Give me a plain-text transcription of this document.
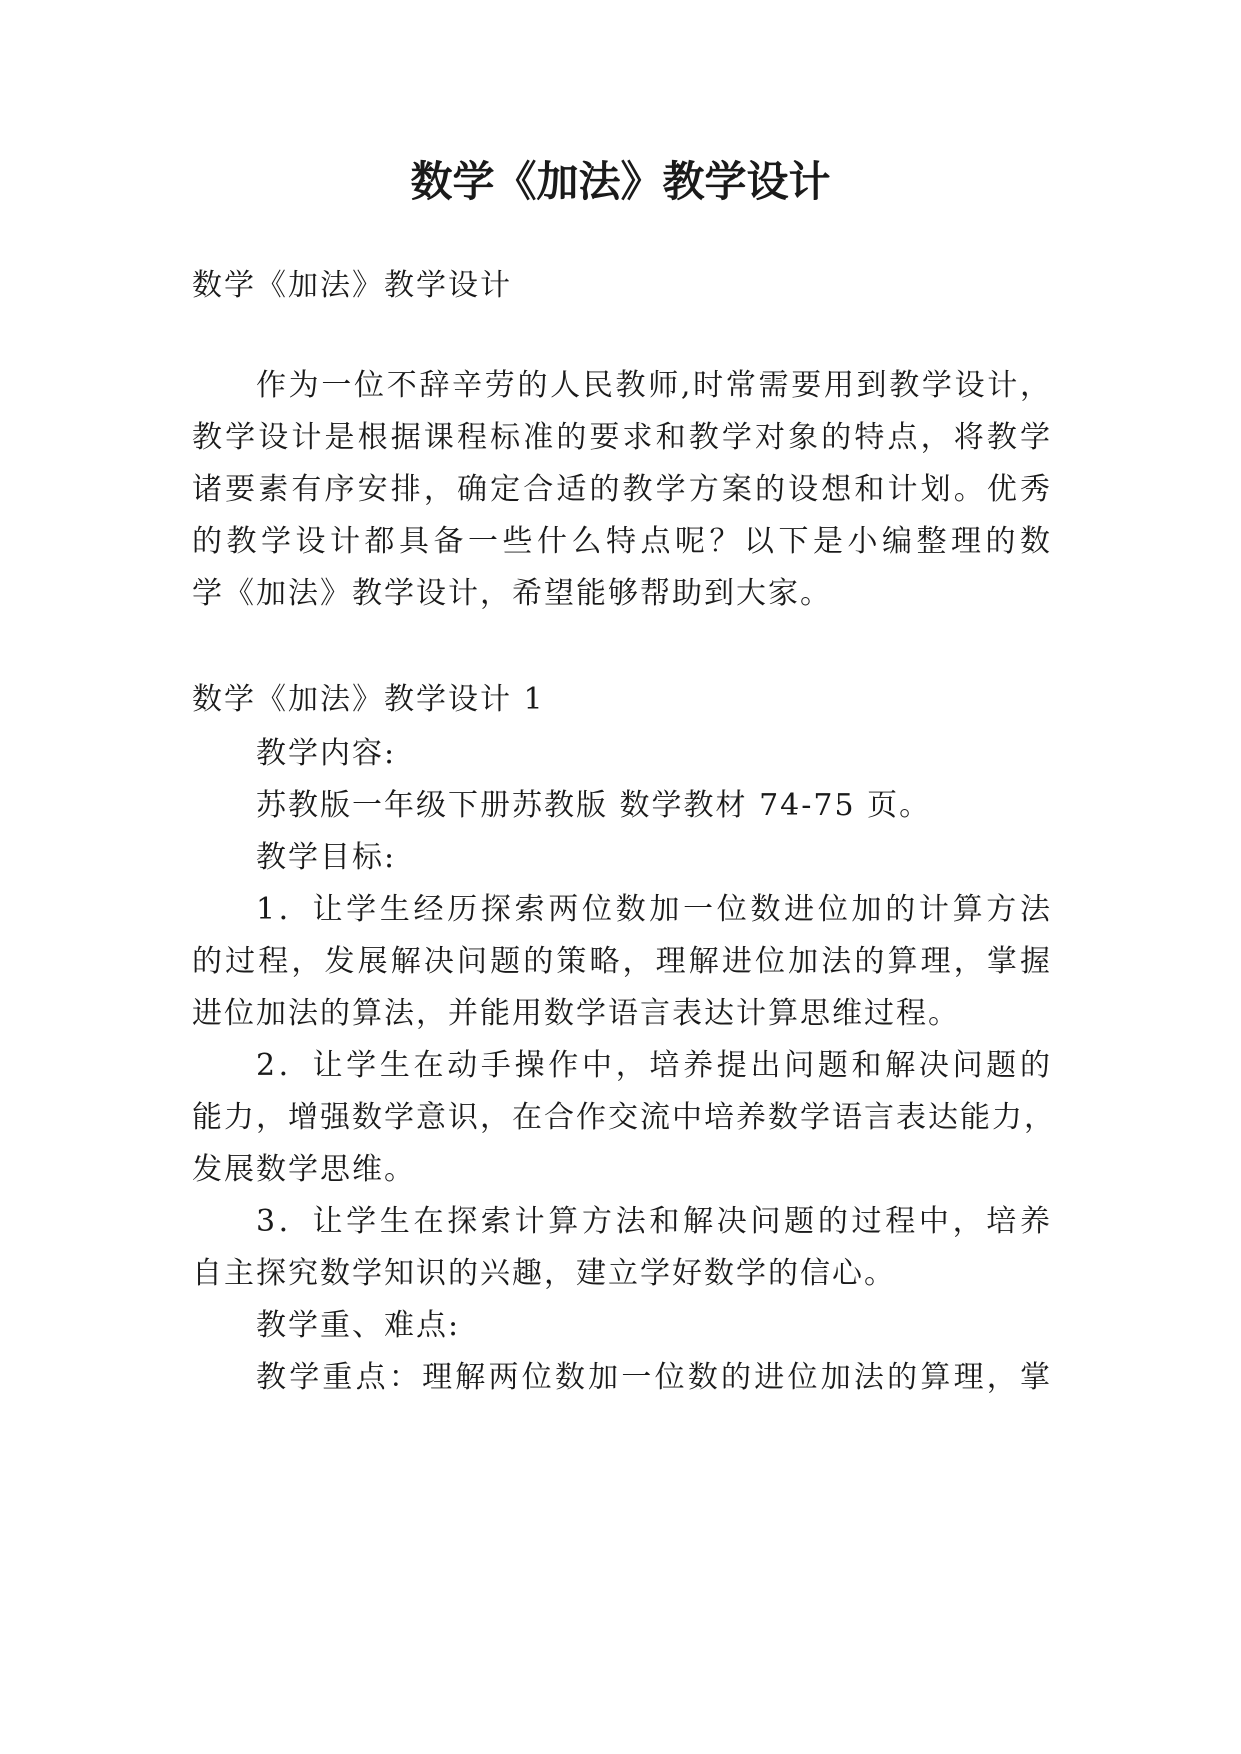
数学《加法》教学设计
数学《加法》教学设计
作为一位不辞辛劳的人民教师,时常需要用到教学设计，
教学设计是根据课程标准的要求和教学对象的特点，将教学
诸要素有序安排，确定合适的教学方案的设想和计划。优秀
的教学设计都具备一些什么特点呢？以下是小编整理的数
学《加法》教学设计，希望能够帮助到大家。
数学《加法》教学设计 1
教学内容:
苏教版一年级下册苏教版 数学教材 74-75 页。
教学目标:
1．让学生经历探索两位数加一位数进位加的计算方法
的过程，发展解决问题的策略，理解进位加法的算理，掌握
进位加法的算法，并能用数学语言表达计算思维过程。
2．让学生在动手操作中，培养提出问题和解决问题的
能力，增强数学意识，在合作交流中培养数学语言表达能力，
发展数学思维。
3．让学生在探索计算方法和解决问题的过程中，培养
自主探究数学知识的兴趣，建立学好数学的信心。
教学重、难点:
教学重点：理解两位数加一位数的进位加法的算理，掌
